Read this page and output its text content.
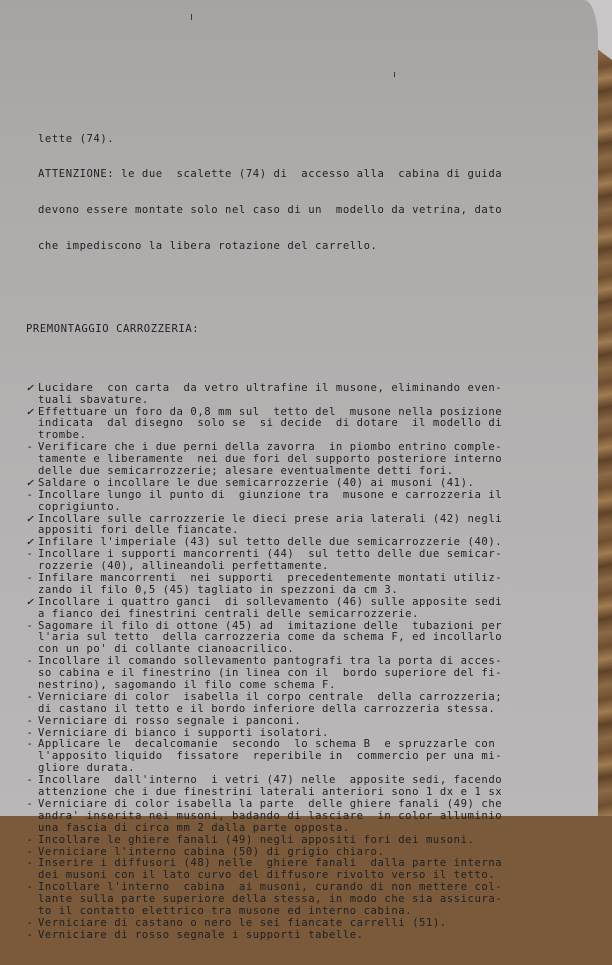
lette (74).

ATTENZIONE: le due  scalette (74) di  accesso alla  cabina di guida

devono essere montate solo nel caso di un  modello da vetrina, dato

che impediscono la libera rotazione del carrello.

PREMONTAGGIO CARROZZERIA:

✓ Lucidare  con carta  da vetro ultrafine il musone, eliminando even-
tuali sbavature.
✓ Effettuare un foro da 0,8 mm sul  tetto del  musone nella posizione
indicata  dal disegno  solo se  si decide  di dotare  il modello di
trombe.
- Verificare che i due perni della zavorra  in piombo entrino comple-
tamente e liberamente  nei due fori del supporto posteriore interno
delle due semicarrozzerie; alesare eventualmente detti fori.
✓ Saldare o incollare le due semicarrozzerie (40) ai musoni (41).
- Incollare lungo il punto di  giunzione tra  musone e carrozzeria il
coprigiunto.
✓ Incollare sulle carrozzerie le dieci prese aria laterali (42) negli
appositi fori delle fiancate.
✓ Infilare l'imperiale (43) sul tetto delle due semicarrozzerie (40).
- Incollare i supporti mancorrenti (44)  sul tetto delle due semicar-
rozzerie (40), allineandoli perfettamente.
- Infilare mancorrenti  nei supporti  precedentemente montati utiliz-
zando il filo 0,5 (45) tagliato in spezzoni da cm 3.
✓ Incollare i quattro ganci  di sollevamento (46) sulle apposite sedi
a fianco dei finestrini centrali delle semicarrozzerie.
- Sagomare il filo di ottone (45) ad  imitazione delle  tubazioni per
l'aria sul tetto  della carrozzeria come da schema F, ed incollarlo
con un po' di collante cianoacrilico.
- Incollare il comando sollevamento pantografi tra la porta di acces-
so cabina e il finestrino (in linea con il  bordo superiore del fi-
nestrino), sagomando il filo come schema F.
- Verniciare di color  isabella il corpo centrale  della carrozzeria;
di castano il tetto e il bordo inferiore della carrozzeria stessa.
- Verniciare di rosso segnale i panconi.
- Verniciare di bianco i supporti isolatori.
- Applicare le  decalcomanie  secondo  lo schema B  e spruzzarle con
l'apposito liquido  fissatore  reperibile in  commercio per una mi-
gliore durata.
- Incollare  dall'interno  i vetri (47) nelle  apposite sedi, facendo
attenzione che i due finestrini laterali anteriori sono 1 dx e 1 sx
- Verniciare di color isabella la parte  delle ghiere fanali (49) che
andra' inserita nei musoni, badando di lasciare  in color alluminio
una fascia di circa mm 2 dalla parte opposta.
- Incollare le ghiere fanali (49) negli appositi fori dei musoni.
- Verniciare l'interno cabina (50) di grigio chiaro.
- Inserire i diffusori (48) nelle  ghiere fanali  dalla parte interna
dei musoni con il lato curvo del diffusore rivolto verso il tetto.
- Incollare l'interno  cabina  ai musoni, curando di non mettere col-
lante sulla parte superiore della stessa, in modo che sia assicura-
to il contatto elettrico tra musone ed interno cabina.
- Verniciare di castano o nero le sei fiancate carrelli (51).
- Verniciare di rosso segnale i supporti tabelle.
